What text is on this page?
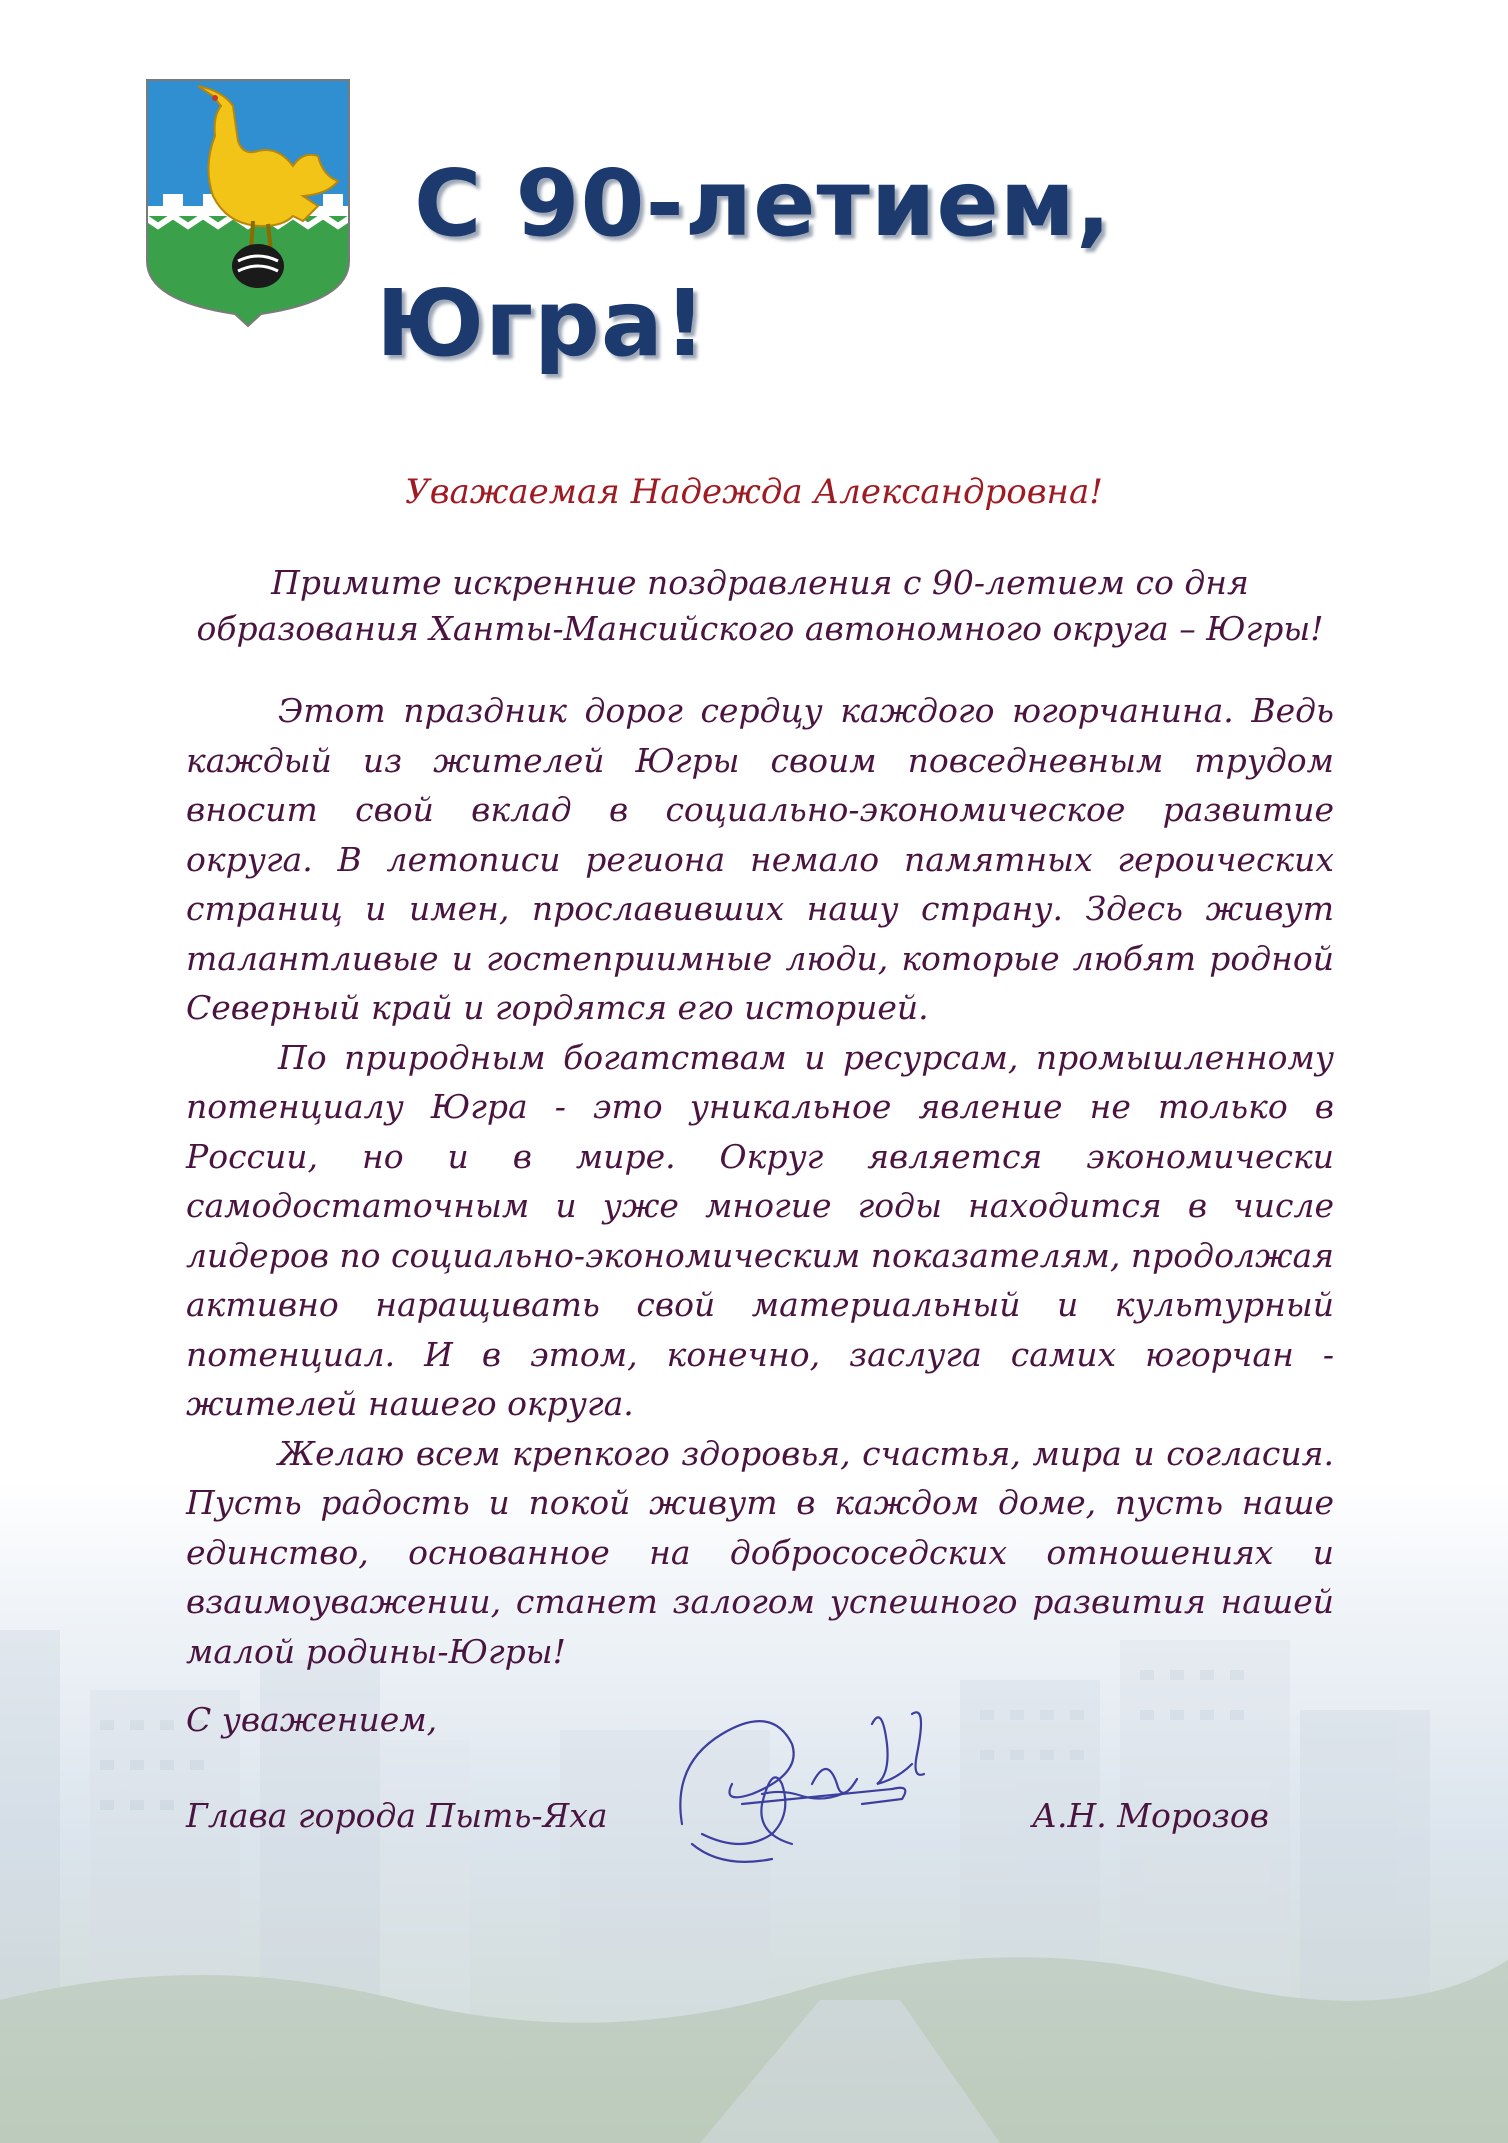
С 90-летием,
Югра!
Уважаемая Надежда Александровна!
Примите искренние поздравления с 90-летием со дня образования Ханты-Мансийского автономного округа – Югры!

Этот праздник дорог сердцу каждого югорчанина. Ведь каждый из жителей Югры своим повседневным трудом вносит свой вклад в социально-экономическое развитие округа. В летописи региона немало памятных героических страниц и имен, прославивших нашу страну. Здесь живут талантливые и гостеприимные люди, которые любят родной Северный край и гордятся его историей.

По природным богатствам и ресурсам, промышленному потенциалу Югра - это уникальное явление не только в России, но и в мире. Округ является экономически самодостаточным и уже многие годы находится в числе лидеров по социально-экономическим показателям, продолжая активно наращивать свой материальный и культурный потенциал. И в этом, конечно, заслуга самих югорчан - жителей нашего округа.

Желаю всем крепкого здоровья, счастья, мира и согласия. Пусть радость и покой живут в каждом доме, пусть наше единство, основанное на добрососедских отношениях и взаимоуважении, станет залогом успешного развития нашей малой родины-Югры!

С уважением,
Глава города Пыть-Яха	А.Н. Морозов
